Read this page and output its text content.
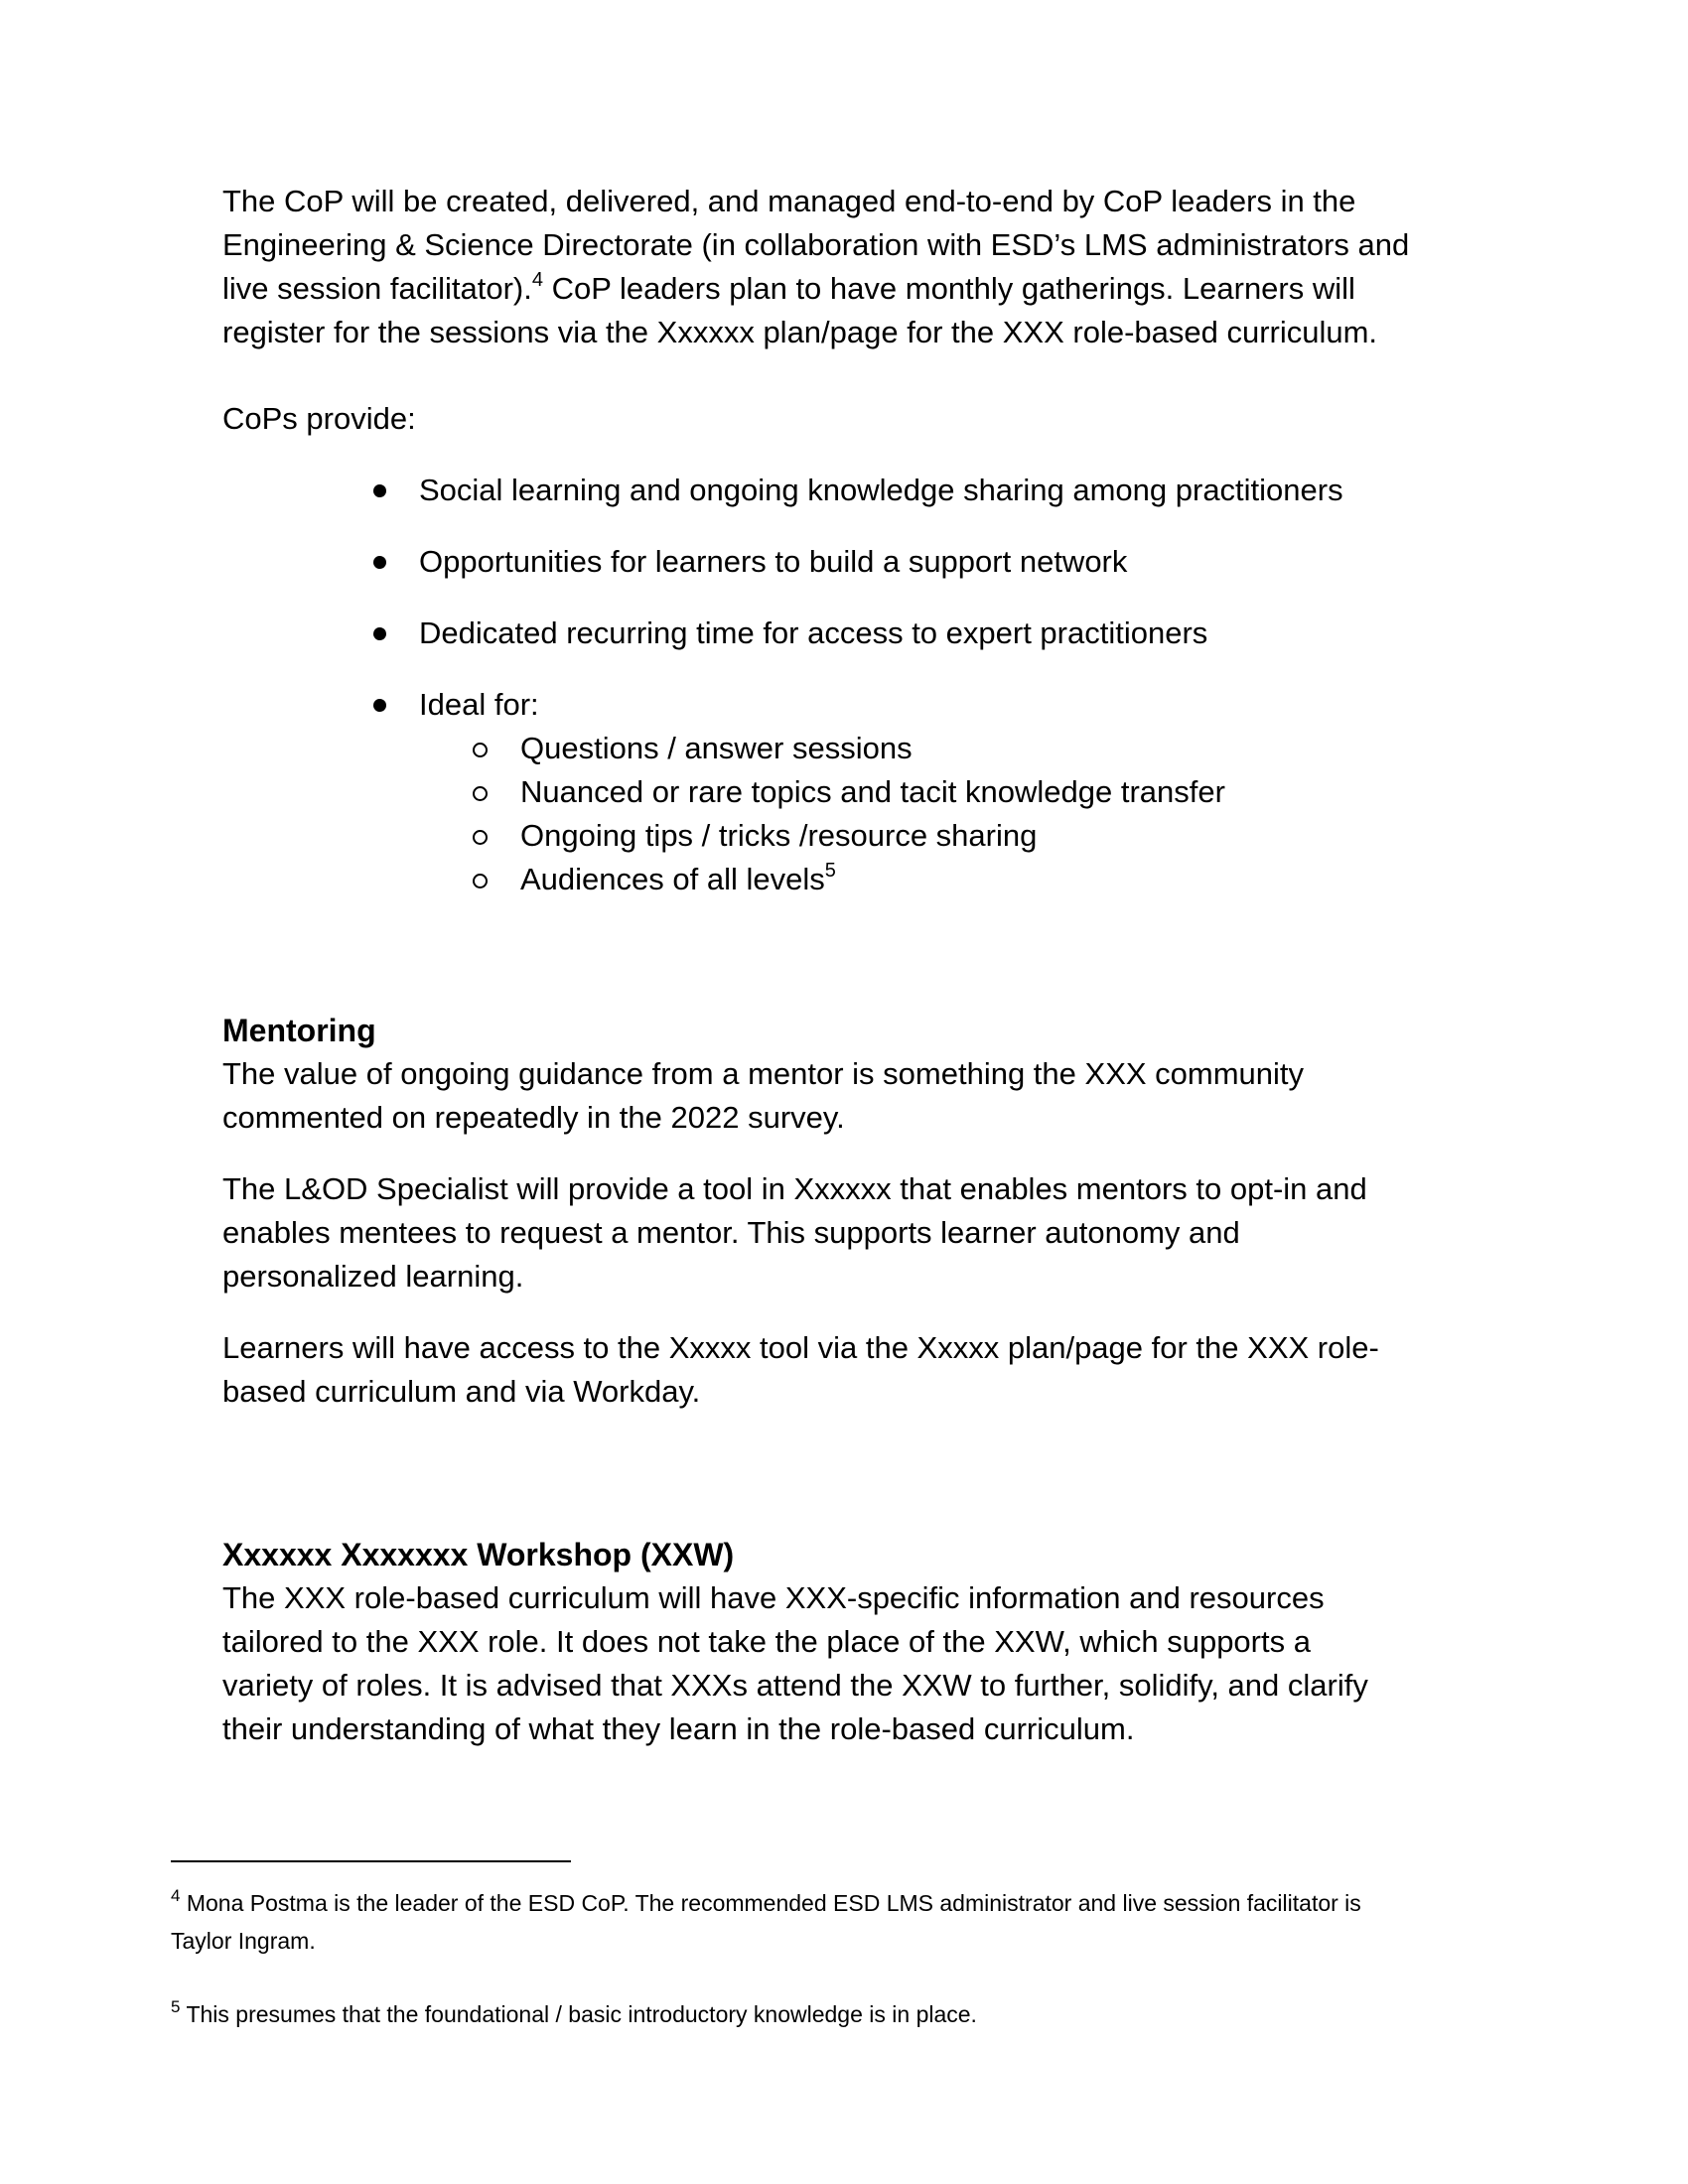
The CoP will be created, delivered, and managed end-to-end by CoP leaders in the
Engineering & Science Directorate (in collaboration with ESD’s LMS administrators and
live session facilitator).$^4$ CoP leaders plan to have monthly gatherings. Learners will
register for the sessions via the Xxxxxx plan/page for the XXX role-based curriculum.
CoPs provide:
Social learning and ongoing knowledge sharing among practitioners
Opportunities for learners to build a support network
Dedicated recurring time for access to expert practitioners
Ideal for:
Questions / answer sessions
Nuanced or rare topics and tacit knowledge transfer
Ongoing tips / tricks /resource sharing
Audiences of all levels$^5$
Mentoring
The value of ongoing guidance from a mentor is something the XXX community
commented on repeatedly in the 2022 survey.
The L&OD Specialist will provide a tool in Xxxxxx that enables mentors to opt-in and
enables mentees to request a mentor. This supports learner autonomy and
personalized learning.
Learners will have access to the Xxxxx tool via the Xxxxx plan/page for the XXX role-
based curriculum and via Workday.
Xxxxxx Xxxxxxx Workshop (XXW)
The XXX role-based curriculum will have XXX-specific information and resources
tailored to the XXX role. It does not take the place of the XXW, which supports a
variety of roles. It is advised that XXXs attend the XXW to further, solidify, and clarify
their understanding of what they learn in the role-based curriculum.
$^4$ Mona Postma is the leader of the ESD CoP. The recommended ESD LMS administrator and live session facilitator is
Taylor Ingram.
$^5$ This presumes that the foundational / basic introductory knowledge is in place.
